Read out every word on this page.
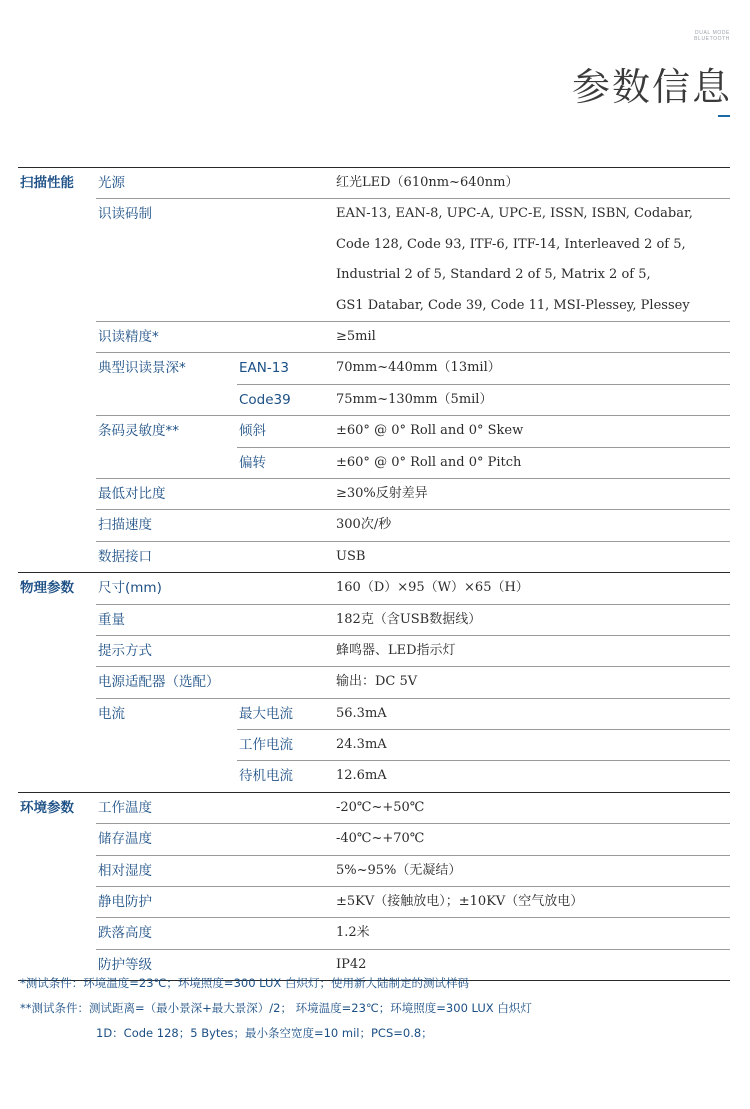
DUAL MODE
BLUETOOTH
参数信息
扫描性能 光源	红光LED（610nm~640nm）
识读码制	EAN-13, EAN-8, UPC-A, UPC-E, ISSN, ISBN, Codabar,
Code 128, Code 93, ITF-6, ITF-14, Interleaved 2 of 5,
Industrial 2 of 5, Standard 2 of 5, Matrix 2 of 5,
GS1 Databar, Code 39, Code 11, MSI-Plessey, Plessey
识读精度*	≥5mil
典型识读景深*	EAN-13	70mm~440mm（13mil）
Code39	75mm~130mm（5mil）
条码灵敏度**	倾斜	±60° @ 0° Roll and 0° Skew
偏转	±60° @ 0° Roll and 0° Pitch
最低对比度	≥30%反射差异
扫描速度	300次/秒
数据接口	USB
物理参数 尺寸(mm)	160（D）×95（W）×65（H）
重量	182克（含USB数据线）
提示方式	蜂鸣器、LED指示灯
电源适配器（选配）	输出：DC 5V
电流	最大电流	56.3mA
工作电流	24.3mA
待机电流	12.6mA
环境参数 工作温度	-20℃~+50℃
储存温度	-40℃~+70℃
相对湿度	5%~95%（无凝结）
静电防护	±5KV（接触放电）；±10KV（空气放电）
跌落高度	1.2米
防护等级	IP42
*测试条件：环境温度=23℃；环境照度=300 LUX 白炽灯；使用新大陆制定的测试样码
**测试条件：测试距离=（最小景深+最大景深）/2； 环境温度=23℃；环境照度=300 LUX 白炽灯
1D：Code 128；5 Bytes；最小条空宽度=10 mil；PCS=0.8；
